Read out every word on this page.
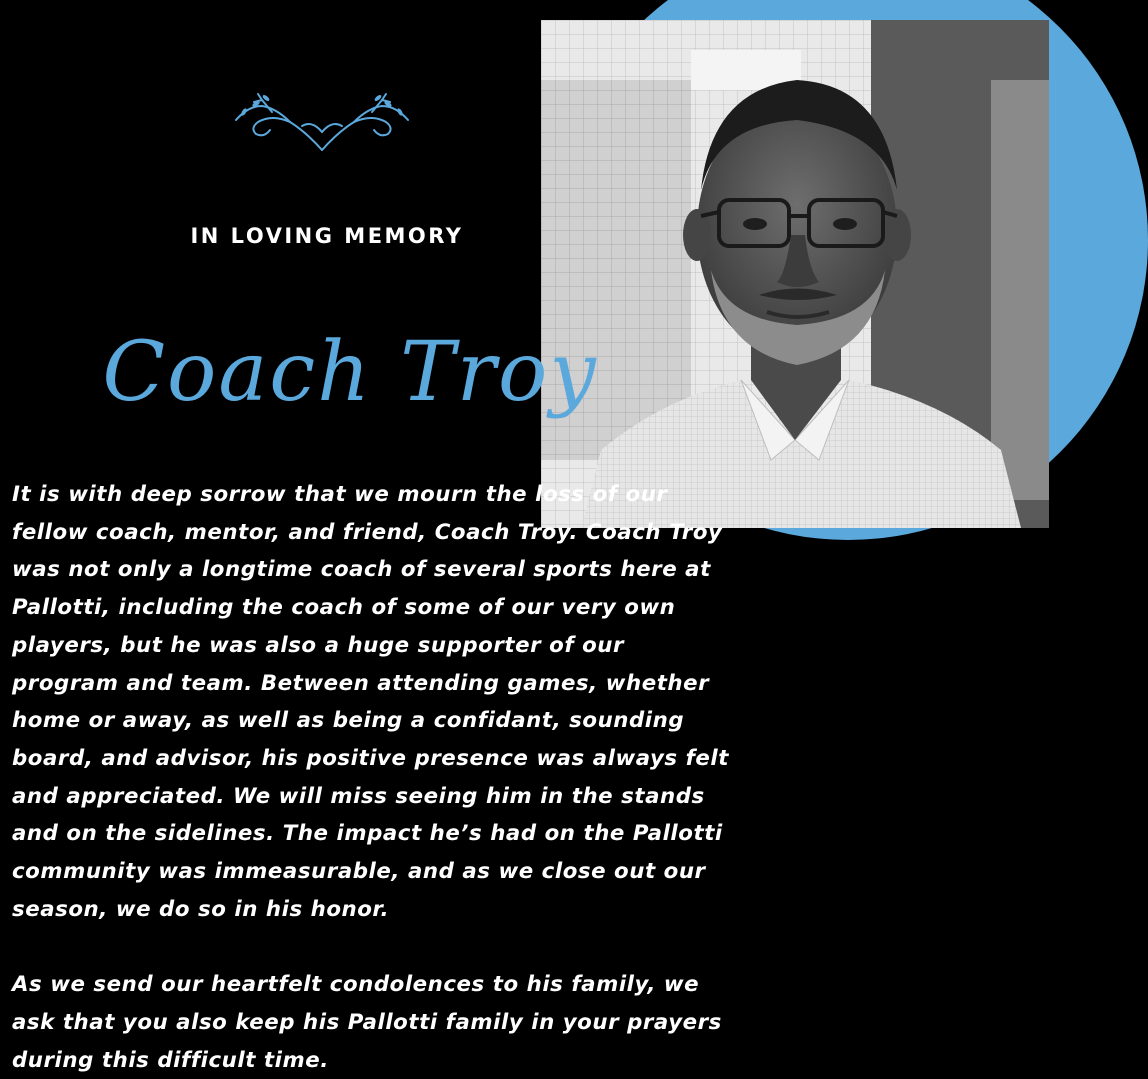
IN LOVING MEMORY
Coach Troy

It is with deep sorrow that we mourn the loss of our fellow coach, mentor, and friend, Coach Troy. Coach Troy was not only a longtime coach of several sports here at Pallotti, including the coach of some of our very own players, but he was also a huge supporter of our program and team. Between attending games, whether home or away, as well as being a confidant, sounding board, and advisor, his positive presence was always felt and appreciated. We will miss seeing him in the stands and on the sidelines. The impact he’s had on the Pallotti community was immeasurable, and as we close out our season, we do so in his honor.

As we send our heartfelt condolences to his family, we ask that you also keep his Pallotti family in your prayers during this difficult time.
